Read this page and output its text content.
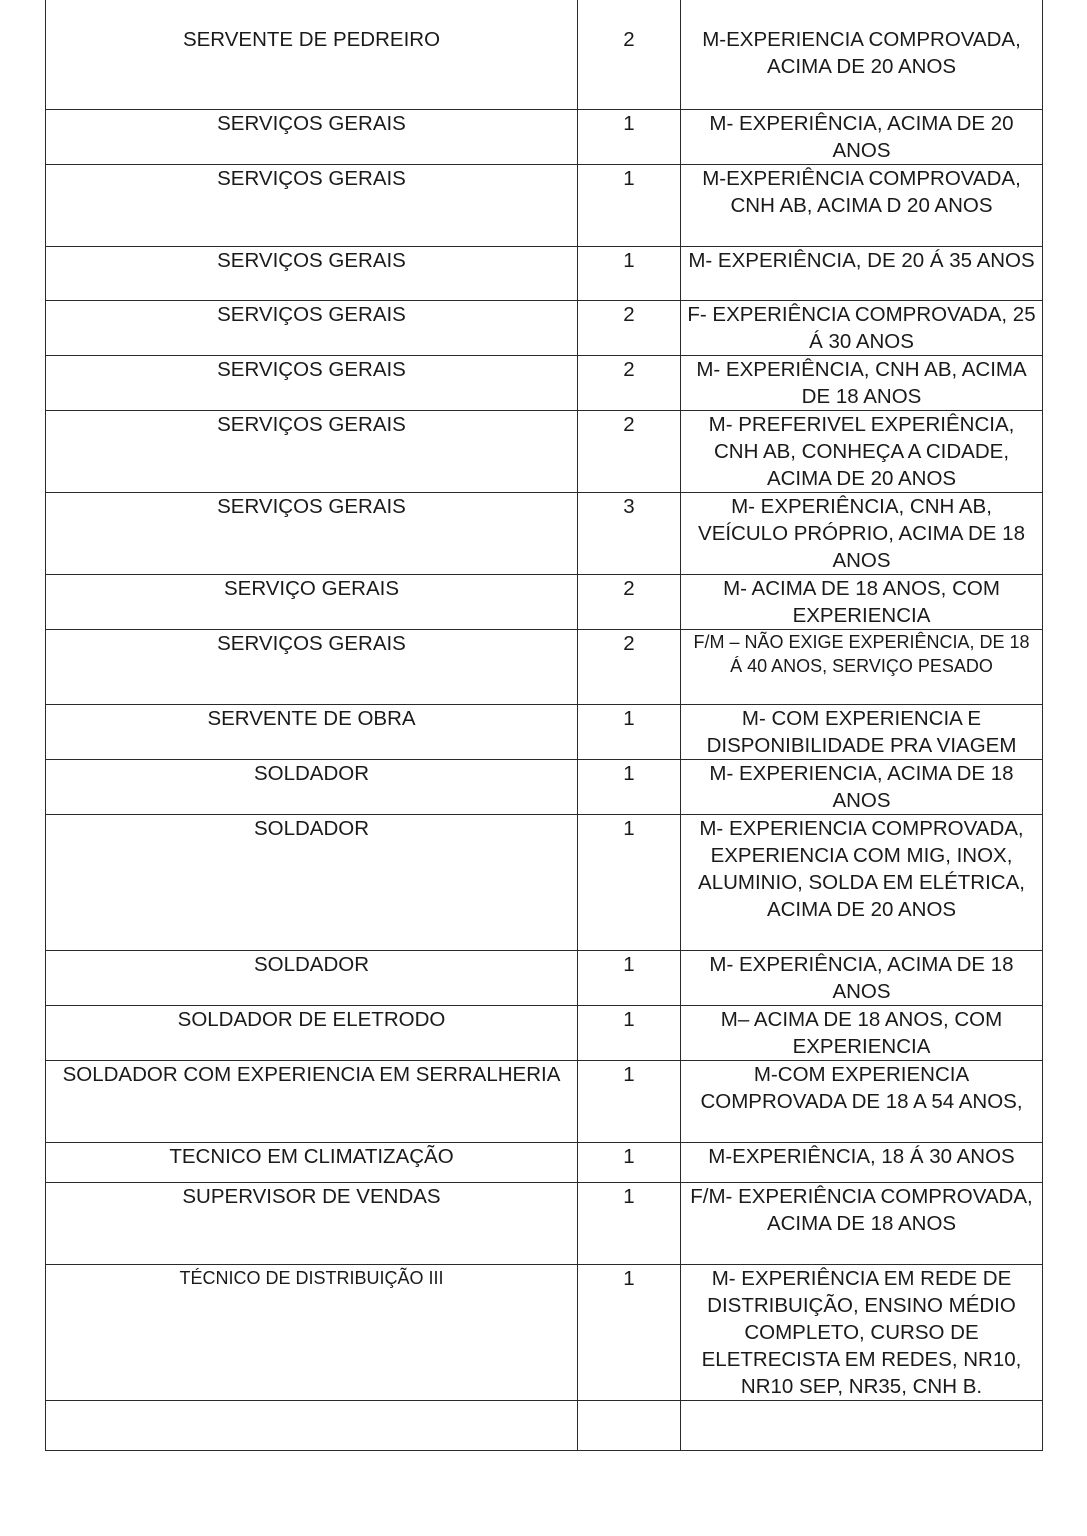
SERVENTE DE PEDREIRO	2	M-EXPERIENCIA COMPROVADA, ACIMA DE 20 ANOS
SERVIÇOS GERAIS	1	M- EXPERIÊNCIA, ACIMA DE 20 ANOS
SERVIÇOS GERAIS	1	M-EXPERIÊNCIA COMPROVADA, CNH AB, ACIMA D 20 ANOS
SERVIÇOS GERAIS	1	M- EXPERIÊNCIA, DE 20 Á 35 ANOS
SERVIÇOS GERAIS	2	F- EXPERIÊNCIA COMPROVADA, 25 Á 30 ANOS
SERVIÇOS GERAIS	2	M- EXPERIÊNCIA, CNH AB, ACIMA DE 18 ANOS
SERVIÇOS GERAIS	2	M- PREFERIVEL EXPERIÊNCIA, CNH AB, CONHEÇA A CIDADE, ACIMA DE 20 ANOS
SERVIÇOS GERAIS	3	M- EXPERIÊNCIA, CNH AB, VEÍCULO PRÓPRIO, ACIMA DE 18 ANOS
SERVIÇO GERAIS	2	M- ACIMA DE 18 ANOS, COM EXPERIENCIA
SERVIÇOS GERAIS	2	F/M – NÃO EXIGE EXPERIÊNCIA, DE 18 Á 40 ANOS, SERVIÇO PESADO
SERVENTE DE OBRA	1	M- COM EXPERIENCIA E DISPONIBILIDADE PRA VIAGEM
SOLDADOR	1	M- EXPERIENCIA, ACIMA DE 18 ANOS
SOLDADOR	1	M- EXPERIENCIA COMPROVADA, EXPERIENCIA COM MIG, INOX, ALUMINIO, SOLDA EM ELÉTRICA, ACIMA DE 20 ANOS
SOLDADOR	1	M- EXPERIÊNCIA, ACIMA DE 18 ANOS
SOLDADOR DE ELETRODO	1	M– ACIMA DE 18 ANOS, COM EXPERIENCIA
SOLDADOR COM EXPERIENCIA EM SERRALHERIA	1	M-COM EXPERIENCIA COMPROVADA DE 18 A 54 ANOS,
TECNICO EM CLIMATIZAÇÃO	1	M-EXPERIÊNCIA, 18 Á 30 ANOS
SUPERVISOR DE VENDAS	1	F/M- EXPERIÊNCIA COMPROVADA, ACIMA DE 18 ANOS
TÉCNICO DE DISTRIBUIÇÃO III	1	M- EXPERIÊNCIA EM REDE DE DISTRIBUIÇÃO, ENSINO MÉDIO COMPLETO, CURSO DE ELETRECISTA EM REDES, NR10, NR10 SEP, NR35, CNH B.
